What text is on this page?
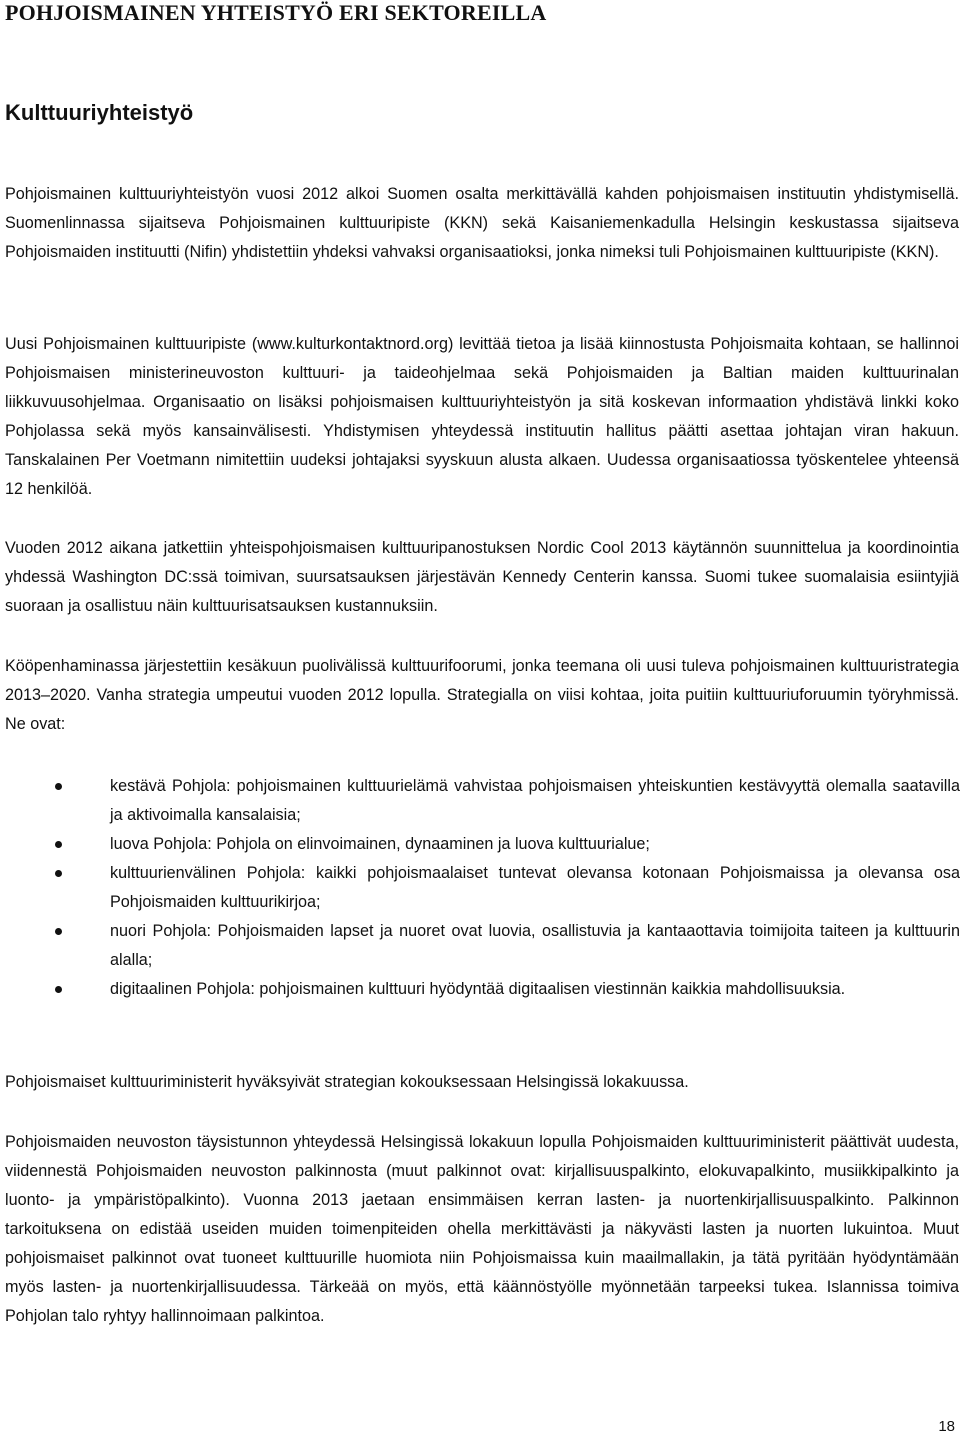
POHJOISMAINEN YHTEISTYÖ ERI SEKTOREILLA
Kulttuuriyhteistyö

Pohjoismainen kulttuuriyhteistyön vuosi 2012 alkoi Suomen osalta merkittävällä kahden pohjoismaisen instituutin yhdistymisellä. Suomenlinnassa sijaitseva Pohjoismainen kulttuuripiste (KKN) sekä Kaisaniemenkadulla Helsingin keskustassa sijaitseva Pohjoismaiden instituutti (Nifin) yhdistettiin yhdeksi vahvaksi organisaatioksi, jonka nimeksi tuli Pohjoismainen kulttuuripiste (KKN).

Uusi Pohjoismainen kulttuuripiste (www.kulturkontaktnord.org) levittää tietoa ja lisää kiinnostusta Pohjoismaita kohtaan, se hallinnoi Pohjoismaisen ministerineuvoston kulttuuri- ja taideohjelmaa sekä Pohjoismaiden ja Baltian maiden kulttuurinalan liikkuvuusohjelmaa. Organisaatio on lisäksi pohjoismaisen kulttuuriyhteistyön ja sitä koskevan informaation yhdistävä linkki koko Pohjolassa sekä myös kansainvälisesti. Yhdistymisen yhteydessä instituutin hallitus päätti asettaa johtajan viran hakuun. Tanskalainen Per Voetmann nimitettiin uudeksi johtajaksi syyskuun alusta alkaen. Uudessa organisaatiossa työskentelee yhteensä 12 henkilöä.

Vuoden 2012 aikana jatkettiin yhteispohjoismaisen kulttuuripanostuksen Nordic Cool 2013 käytännön suunnittelua ja koordinointia yhdessä Washington DC:ssä toimivan, suursatsauksen järjestävän Kennedy Centerin kanssa. Suomi tukee suomalaisia esiintyjiä suoraan ja osallistuu näin kulttuurisatsauksen kustannuksiin.

Kööpenhaminassa järjestettiin kesäkuun puolivälissä kulttuurifoorumi, jonka teemana oli uusi tuleva pohjoismainen kulttuuristrategia 2013–2020. Vanha strategia umpeutui vuoden 2012 lopulla. Strategialla on viisi kohtaa, joita puitiin kulttuuriuforuumin työryhmissä. Ne ovat:

kestävä Pohjola: pohjoismainen kulttuurielämä vahvistaa pohjoismaisen yhteiskuntien kestävyyttä olemalla saatavilla ja aktivoimalla kansalaisia;
luova Pohjola: Pohjola on elinvoimainen, dynaaminen ja luova kulttuurialue;
kulttuurienvälinen Pohjola: kaikki pohjoismaalaiset tuntevat olevansa kotonaan Pohjoismaissa ja olevansa osa Pohjoismaiden kulttuurikirjoa;
nuori Pohjola: Pohjoismaiden lapset ja nuoret ovat luovia, osallistuvia ja kantaaottavia toimijoita taiteen ja kulttuurin alalla;
digitaalinen Pohjola: pohjoismainen kulttuuri hyödyntää digitaalisen viestinnän kaikkia mahdollisuuksia.

Pohjoismaiset kulttuuriministerit hyväksyivät strategian kokouksessaan Helsingissä lokakuussa.

Pohjoismaiden neuvoston täysistunnon yhteydessä Helsingissä lokakuun lopulla Pohjoismaiden kulttuuriministerit päättivät uudesta, viidennestä Pohjoismaiden neuvoston palkinnosta (muut palkinnot ovat: kirjallisuuspalkinto, elokuvapalkinto, musiikkipalkinto ja luonto- ja ympäristöpalkinto). Vuonna 2013 jaetaan ensimmäisen kerran lasten- ja nuortenkirjallisuuspalkinto. Palkinnon tarkoituksena on edistää useiden muiden toimenpiteiden ohella merkittävästi ja näkyvästi lasten ja nuorten lukuintoa. Muut pohjoismaiset palkinnot ovat tuoneet kulttuurille huomiota niin Pohjoismaissa kuin maailmallakin, ja tätä pyritään hyödyntämään myös lasten- ja nuortenkirjallisuudessa. Tärkeää on myös, että käännöstyölle myönnetään tarpeeksi tukea. Islannissa toimiva Pohjolan talo ryhtyy hallinnoimaan palkintoa.

18
